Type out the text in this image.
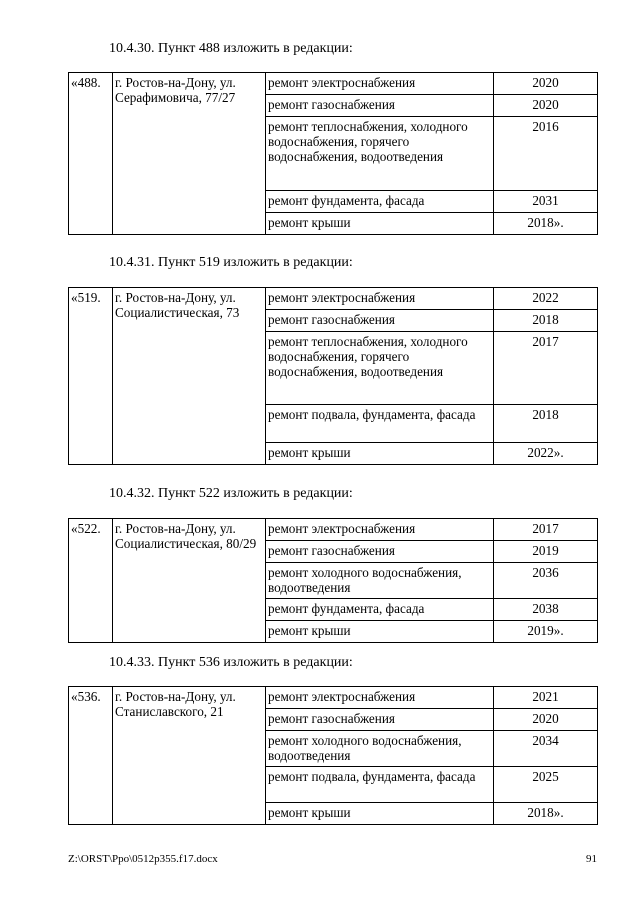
10.4.30. Пункт 488 изложить в редакции:
«488.	г. Ростов-на-Дону, ул. Серафимовича, 77/27	ремонт электроснабжения	2020
		ремонт газоснабжения	2020
		ремонт теплоснабжения, холодного водоснабжения, горячего водоснабжения, водоотведения	2016
		ремонт фундамента, фасада	2031
		ремонт крыши	2018».
10.4.31. Пункт 519 изложить в редакции:
«519.	г. Ростов-на-Дону, ул. Социалистическая, 73	ремонт электроснабжения	2022
		ремонт газоснабжения	2018
		ремонт теплоснабжения, холодного водоснабжения, горячего водоснабжения, водоотведения	2017
		ремонт подвала, фундамента, фасада	2018
		ремонт крыши	2022».
10.4.32. Пункт 522 изложить в редакции:
«522.	г. Ростов-на-Дону, ул. Социалистическая, 80/29	ремонт электроснабжения	2017
		ремонт газоснабжения	2019
		ремонт холодного водоснабжения, водоотведения	2036
		ремонт фундамента, фасада	2038
		ремонт крыши	2019».
10.4.33. Пункт 536 изложить в редакции:
«536.	г. Ростов-на-Дону, ул. Станиславского, 21	ремонт электроснабжения	2021
		ремонт газоснабжения	2020
		ремонт холодного водоснабжения, водоотведения	2034
		ремонт подвала, фундамента, фасада	2025
		ремонт крыши	2018».
Z:\ORST\Ppo\0512p355.f17.docx	91
